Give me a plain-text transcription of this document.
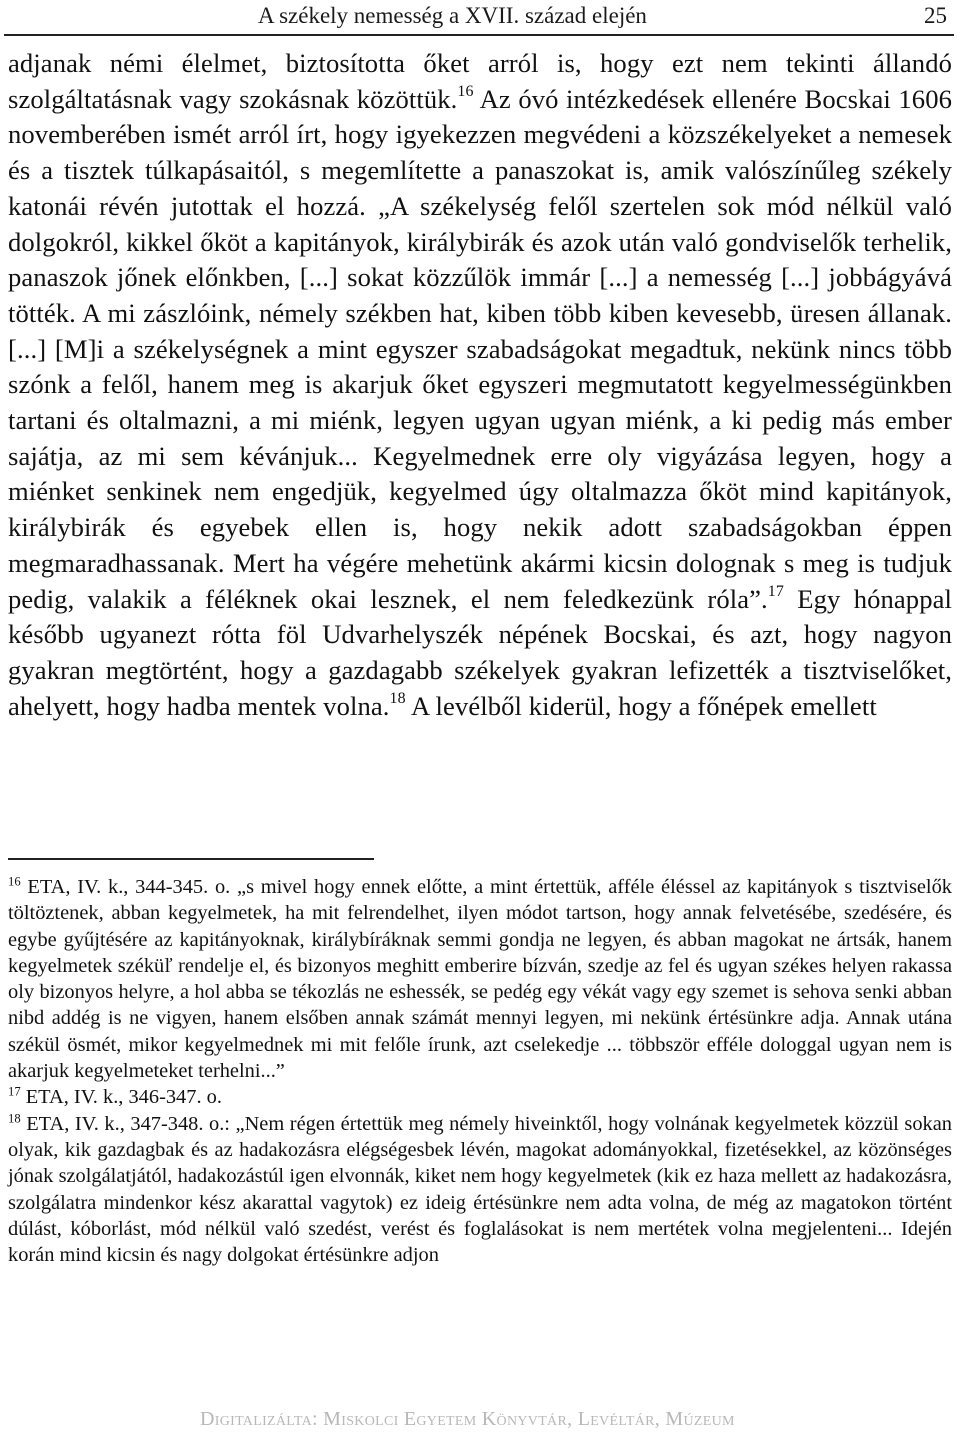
A székely nemesség a XVII. század elején	25

adjanak némi élelmet, biztosította őket arról is, hogy ezt nem tekinti állandó szolgáltatásnak vagy szokásnak közöttük.$^{16}$ Az óvó intézkedések ellenére Bocskai 1606 novemberében ismét arról írt, hogy igyekezzen megvédeni a közszékelyeket a nemesek és a tisztek túlkapásaitól, s megemlítette a panaszokat is, amik valószínűleg székely katonái révén jutottak el hozzá. „A székelység felől szertelen sok mód nélkül való dolgokról, kikkel őköt a kapitányok, királybirák és azok után való gondviselők terhelik, panaszok jőnek előnkben, [...] sokat közzűlök immár [...] a nemesség [...] jobbágyává tötték. A mi zászlóink, némely székben hat, kiben több kiben kevesebb, üresen állanak. [...] [M]i a székelységnek a mint egyszer szabadságokat megadtuk, nekünk nincs több szónk a felől, hanem meg is akarjuk őket egyszeri megmutatott kegyelmességünkben tartani és oltalmazni, a mi miénk, legyen ugyan ugyan miénk, a ki pedig más ember sajátja, az mi sem kévánjuk... Kegyelmednek erre oly vigyázása legyen, hogy a miénket senkinek nem engedjük, kegyelmed úgy oltalmazza őköt mind kapitányok, királybirák és egyebek ellen is, hogy nekik adott szabadságokban éppen megmaradhassanak. Mert ha végére mehetünk akármi kicsin dolognak s meg is tudjuk pedig, valakik a féléknek okai lesznek, el nem feledkezünk róla”.$^{17}$ Egy hónappal később ugyanezt rótta föl Udvarhelyszék népének Bocskai, és azt, hogy nagyon gyakran megtörtént, hogy a gazdagabb székelyek gyakran lefizették a tisztviselőket, ahelyett, hogy hadba mentek volna.$^{18}$ A levélből kiderül, hogy a főnépek emellett

$^{16}$ ETA, IV. k., 344-345. o. „s mivel hogy ennek előtte, a mint értettük, afféle éléssel az kapitányok s tisztviselők töltöztenek, abban kegyelmetek, ha mit felrendelhet, ilyen módot tartson, hogy annak felvetésébe, szedésére, és egybe gyűjtésére az kapitányoknak, királybíráknak semmi gondja ne legyen, és abban magokat ne ártsák, hanem kegyelmetek széküľ rendelje el, és bizonyos meghitt emberire bízván, szedje az fel és ugyan székes helyen rakassa oly bizonyos helyre, a hol abba se tékozlás ne eshessék, se pedég egy vékát vagy egy szemet is sehova senki abban nibd addég is ne vigyen, hanem elsőben annak számát mennyi legyen, mi nekünk értésünkre adja. Annak utána székül ösmét, mikor kegyelmednek mi mit felőle írunk, azt cselekedje ... többször efféle dologgal ugyan nem is akarjuk kegyelmeteket terhelni...”

$^{17}$ ETA, IV. k., 346-347. o.

$^{18}$ ETA, IV. k., 347-348. o.: „Nem régen értettük meg némely hiveinktől, hogy volnának kegyelmetek közzül sokan olyak, kik gazdagbak és az hadakozásra elégségesbek lévén, magokat adományokkal, fizetésekkel, az közönséges jónak szolgálatjától, hadakozástúl igen elvonnák, kiket nem hogy kegyelmetek (kik ez haza mellett az hadakozásra, szolgálatra mindenkor kész akarattal vagytok) ez ideig értésünkre nem adta volna, de még az magatokon történt dúlást, kóborlást, mód nélkül való szedést, verést és foglalásokat is nem mertétek volna megjelenteni... Idején korán mind kicsin és nagy dolgokat értésünkre adjon

Digitalizálta: Miskolci Egyetem Könyvtár, Levéltár, Múzeum
